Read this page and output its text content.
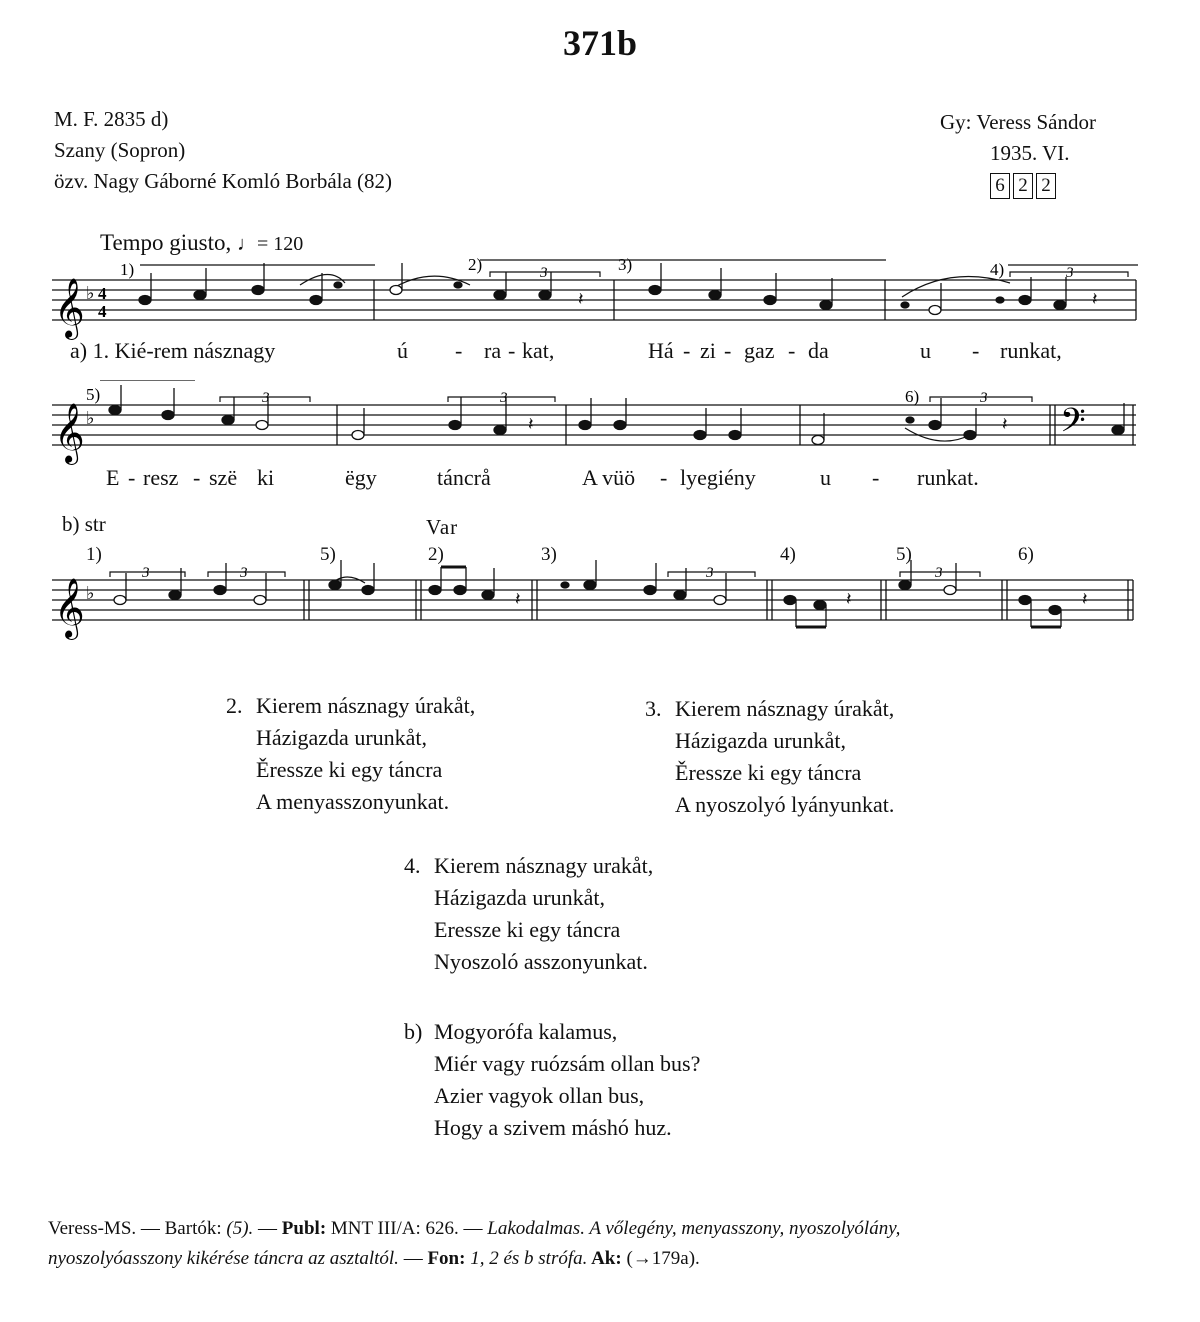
371b
M. F. 2835 d)
Szany (Sopron)
özv. Nagy Gáborné Komló Borbála (82)
Gy: Veress Sándor
1935. VI.
6 2 2
Tempo giusto, ♩= 120
𝄞 ♭ 4
4
1)	2)	3)	4)
3	3
𝄽	𝄽
a) 1. Kié-rem násznagy	ú - ra - kat,	Há - zi - gaz - da	u - runkat,
𝄞 ♭	𝄢
5)	6)
3	3	3
𝄽	𝄽
E - resz - szë ki	ëgy	táncrå	A vüö - lyegiény	u - runkat.
b) str	Var
1)	5)	2)	3)	4)	5)	6)
𝄞 ♭
3	3	3	3
𝄽	𝄽	𝄽
2. Kierem násznagy úrakåt,
Házigazda urunkåt,
Ěresszе ki egy táncra
A menyasszonyunkat.
3. Kierem násznagy úrakåt,
Házigazda urunkåt,
Ěressze ki egy táncra
A nyoszolyó lyányunkat.
4. Kierem násznagy urakåt,
Házigazda urunkåt,
Eressze ki egy táncra
Nyoszoló asszonyunkat.
b) Mogyorófa kalamus,
Miér vagy ruózsám ollan bus?
Azier vagyok ollan bus,
Hogy a szivem máshó huz.
Veress-MS. — Bartók: (5). — Publ: MNT III/A: 626. — Lakodalmas. A vőlegény, menyasszony, nyoszolyólány,
nyoszolyóasszony kikérése táncra az asztaltól. — Fon: 1, 2 és b strófa. Ak: (→179a).
